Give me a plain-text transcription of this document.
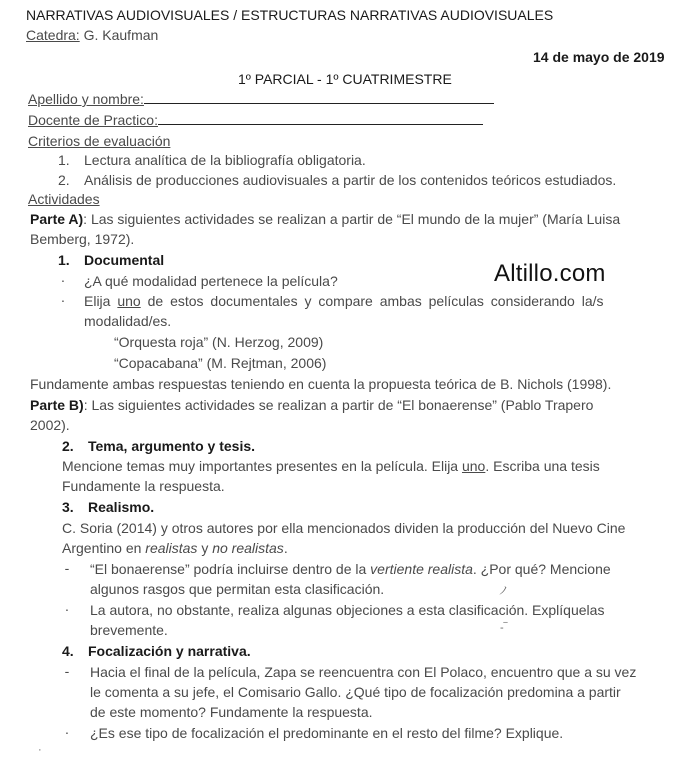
NARRATIVAS AUDIOVISUALES / ESTRUCTURAS NARRATIVAS AUDIOVISUALES
Catedra: G. Kaufman
14 de mayo de 2019
1º PARCIAL - 1º CUATRIMESTRE
Apellido y nombre:
Docente de Practico:
Criterios de evaluación
1. Lectura analítica de la bibliografía obligatoria.
2. Análisis de producciones audiovisuales a partir de los contenidos teóricos estudiados.
Actividades
Parte A): Las siguientes actividades se realizan a partir de “El mundo de la mujer” (María Luisa
Bemberg, 1972).
1. Documental
· ¿A qué modalidad pertenece la película?
· Elija uno de estos documentales y compare ambas películas considerando la/s
modalidad/es.
“Orquesta roja” (N. Herzog, 2009)
“Copacabana” (M. Rejtman, 2006)
Fundamente ambas respuestas teniendo en cuenta la propuesta teórica de B. Nichols (1998).
Parte B): Las siguientes actividades se realizan a partir de “El bonaerense” (Pablo Trapero
2002).
2. Tema, argumento y tesis.
Mencione temas muy importantes presentes en la película. Elija uno. Escriba una tesis
Fundamente la respuesta.
3. Realismo.
C. Soria (2014) y otros autores por ella mencionados dividen la producción del Nuevo Cine
Argentino en realistas y no realistas.
- “El bonaerense” podría incluirse dentro de la vertiente realista. ¿Por qué? Mencione
algunos rasgos que permitan esta clasificación.
· La autora, no obstante, realiza algunas objeciones a esta clasificación. Explíquelas
brevemente.
4. Focalización y narrativa.
- Hacia el final de la película, Zapa se reencuentra con El Polaco, encuentro que a su vez
le comenta a su jefe, el Comisario Gallo. ¿Qué tipo de focalización predomina a partir
de este momento? Fundamente la respuesta.
· ¿Es ese tipo de focalización el predominante en el resto del filme? Explique.
Altillo.com
ノ
-‾
·
